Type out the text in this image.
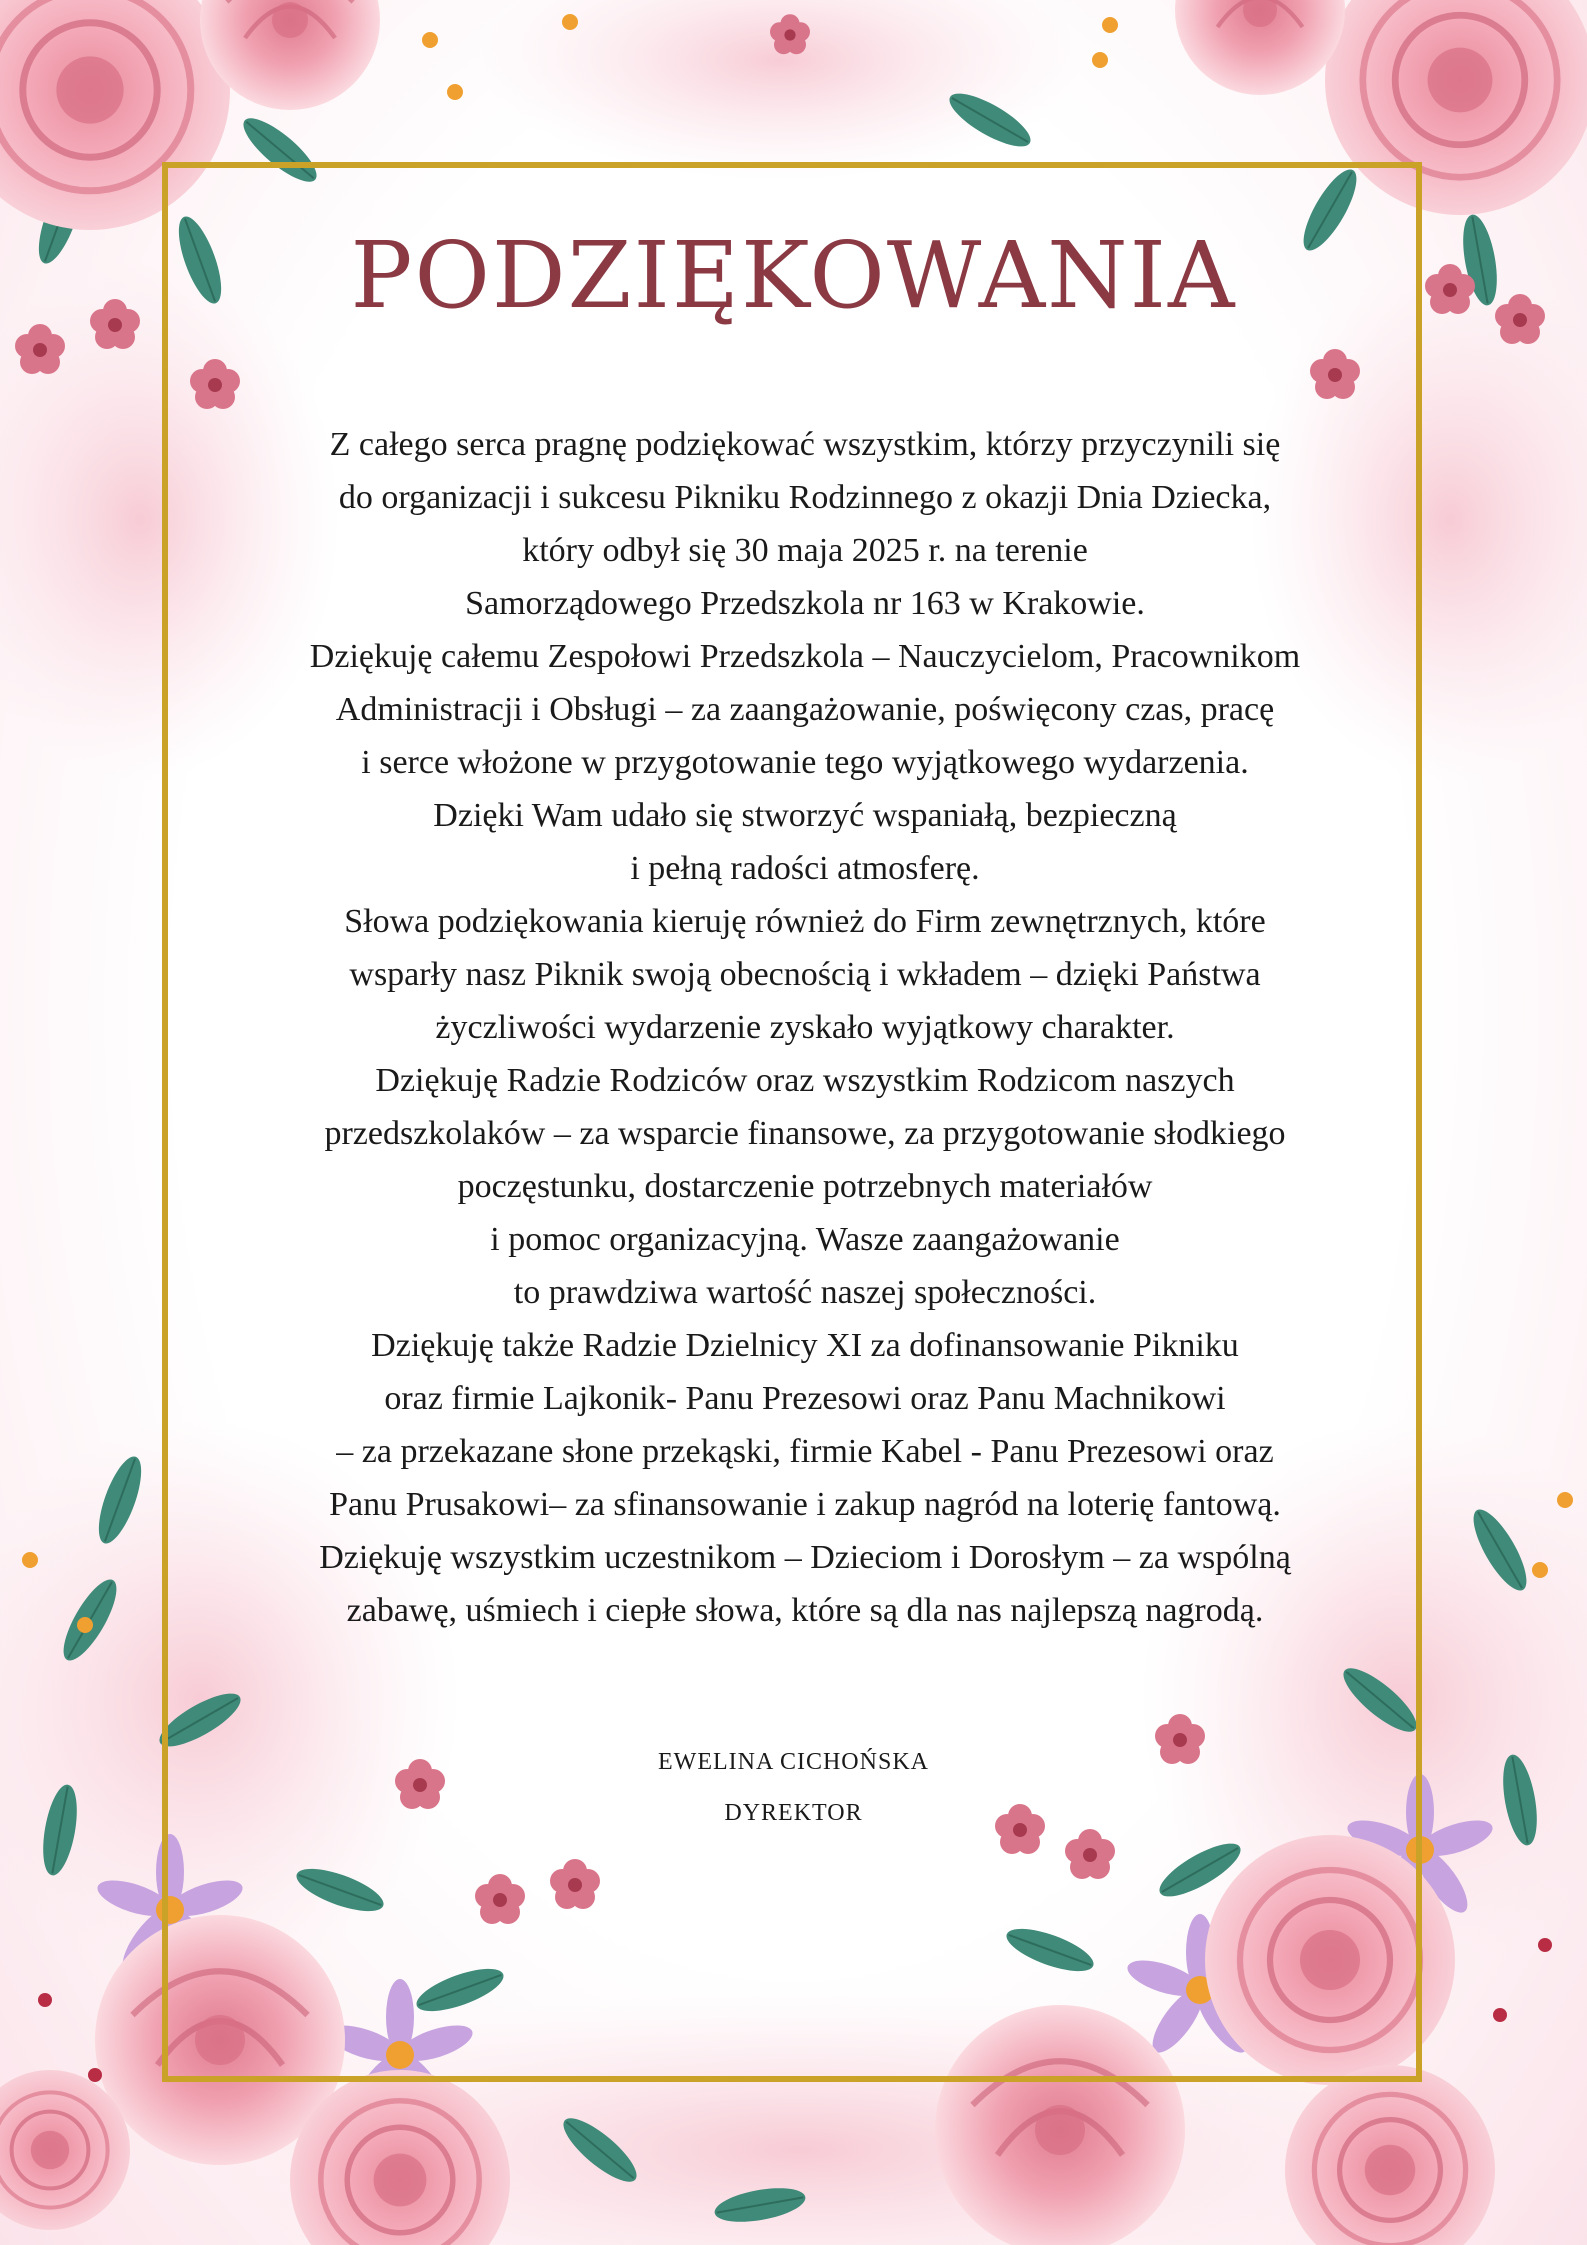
PODZIĘKOWANIA
Z całego serca pragnę podziękować wszystkim, którzy przyczynili się
do organizacji i sukcesu Pikniku Rodzinnego z okazji Dnia Dziecka,
który odbył się 30 maja 2025 r. na terenie
Samorządowego Przedszkola nr 163 w Krakowie.
Dziękuję całemu Zespołowi Przedszkola – Nauczycielom, Pracownikom
Administracji i Obsługi – za zaangażowanie, poświęcony czas, pracę
i serce włożone w przygotowanie tego wyjątkowego wydarzenia.
Dzięki Wam udało się stworzyć wspaniałą, bezpieczną
i pełną radości atmosferę.
Słowa podziękowania kieruję również do Firm zewnętrznych, które
wsparły nasz Piknik swoją obecnością i wkładem – dzięki Państwa
życzliwości wydarzenie zyskało wyjątkowy charakter.
Dziękuję Radzie Rodziców oraz wszystkim Rodzicom naszych
przedszkolaków – za wsparcie finansowe, za przygotowanie słodkiego
poczęstunku, dostarczenie potrzebnych materiałów
i pomoc organizacyjną. Wasze zaangażowanie
to prawdziwa wartość naszej społeczności.
Dziękuję także Radzie Dzielnicy XI za dofinansowanie Pikniku
oraz firmie Lajkonik- Panu Prezesowi oraz Panu Machnikowi
– za przekazane słone przekąski, firmie Kabel - Panu Prezesowi oraz
Panu Prusakowi– za sfinansowanie i zakup nagród na loterię fantową.
Dziękuję wszystkim uczestnikom – Dzieciom i Dorosłym – za wspólną
zabawę, uśmiech i ciepłe słowa, które są dla nas najlepszą nagrodą.
EWELINA CICHOŃSKA
DYREKTOR
